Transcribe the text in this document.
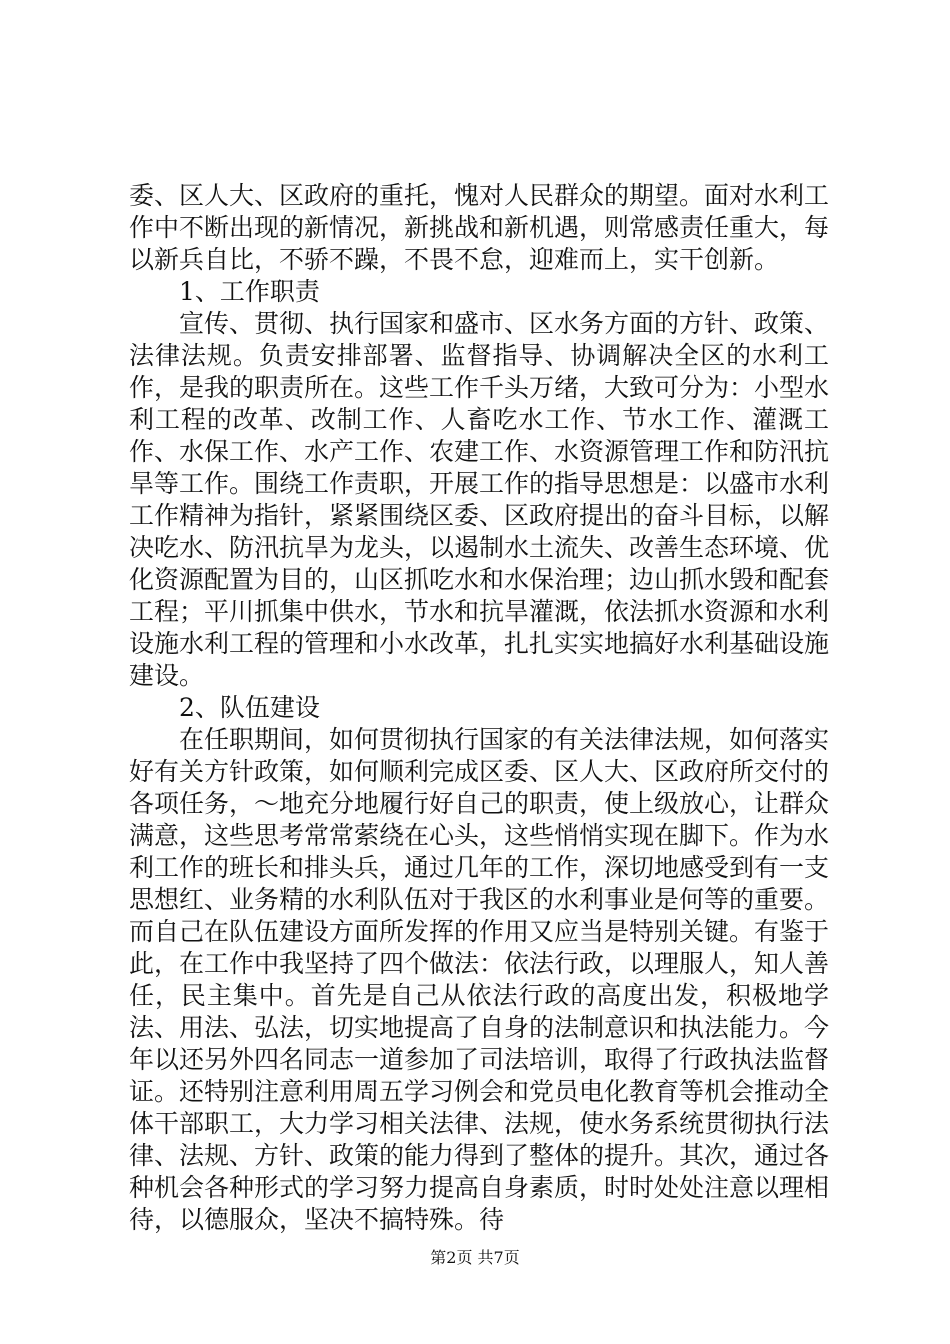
委、区人大、区政府的重托，愧对人民群众的期望。面对水利工作中不断出现的新情况，新挑战和新机遇，则常感责任重大，每以新兵自比，不骄不躁，不畏不怠，迎难而上，实干创新。

1、工作职责

宣传、贯彻、执行国家和盛市、区水务方面的方针、政策、法律法规。负责安排部署、监督指导、协调解决全区的水利工作，是我的职责所在。这些工作千头万绪，大致可分为：小型水利工程的改革、改制工作、人畜吃水工作、节水工作、灌溉工作、水保工作、水产工作、农建工作、水资源管理工作和防汛抗旱等工作。围绕工作责职，开展工作的指导思想是：以盛市水利工作精神为指针，紧紧围绕区委、区政府提出的奋斗目标，以解决吃水、防汛抗旱为龙头，以遏制水土流失、改善生态环境、优化资源配置为目的，山区抓吃水和水保治理；边山抓水毁和配套工程；平川抓集中供水，节水和抗旱灌溉，依法抓水资源和水利设施水利工程的管理和小水改革，扎扎实实地搞好水利基础设施建设。

2、队伍建设

在任职期间，如何贯彻执行国家的有关法律法规，如何落实好有关方针政策，如何顺利完成区委、区人大、区政府所交付的各项任务，～地充分地履行好自己的职责，使上级放心，让群众满意，这些思考常常萦绕在心头，这些悄悄实现在脚下。作为水利工作的班长和排头兵，通过几年的工作，深切地感受到有一支思想红、业务精的水利队伍对于我区的水利事业是何等的重要。而自己在队伍建设方面所发挥的作用又应当是特别关键。有鉴于此，在工作中我坚持了四个做法：依法行政，以理服人，知人善任，民主集中。首先是自己从依法行政的高度出发，积极地学法、用法、弘法，切实地提高了自身的法制意识和执法能力。今年以还另外四名同志一道参加了司法培训，取得了行政执法监督证。还特别注意利用周五学习例会和党员电化教育等机会推动全体干部职工，大力学习相关法律、法规，使水务系统贯彻执行法律、法规、方针、政策的能力得到了整体的提升。其次，通过各种机会各种形式的学习努力提高自身素质，时时处处注意以理相待，以德服众，坚决不搞特殊。待

第2页 共7页
